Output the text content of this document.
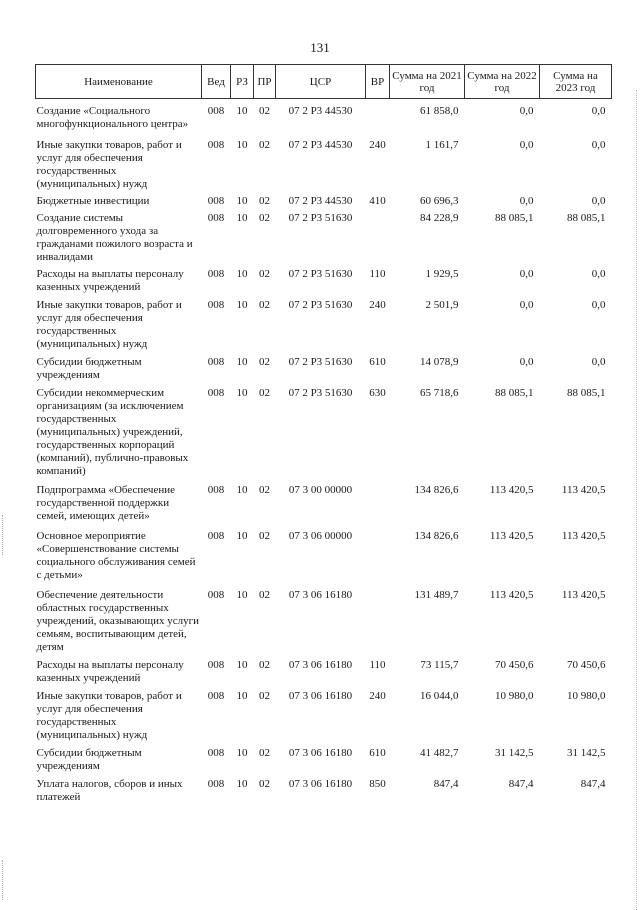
131
Наименование	Вед	РЗ	ПР	ЦСР	ВР	Сумма на 2021 год	Сумма на 2022 год	Сумма на 2023 год
Создание «Социального многофункционального центра»	008	10	02	07 2 P3 44530		61 858,0	0,0	0,0
Иные закупки товаров, работ и услуг для обеспечения государственных (муниципальных) нужд	008	10	02	07 2 P3 44530	240	1 161,7	0,0	0,0
Бюджетные инвестиции	008	10	02	07 2 P3 44530	410	60 696,3	0,0	0,0
Создание системы долговременного ухода за гражданами пожилого возраста и инвалидами	008	10	02	07 2 P3 51630		84 228,9	88 085,1	88 085,1
Расходы на выплаты персоналу казенных учреждений	008	10	02	07 2 P3 51630	110	1 929,5	0,0	0,0
Иные закупки товаров, работ и услуг для обеспечения государственных (муниципальных) нужд	008	10	02	07 2 P3 51630	240	2 501,9	0,0	0,0
Субсидии бюджетным учреждениям	008	10	02	07 2 P3 51630	610	14 078,9	0,0	0,0
Субсидии некоммерческим организациям (за исключением государственных (муниципальных) учреждений, государственных корпораций (компаний), публично-правовых компаний)	008	10	02	07 2 P3 51630	630	65 718,6	88 085,1	88 085,1
Подпрограмма «Обеспечение государственной поддержки семей, имеющих детей»	008	10	02	07 3 00 00000		134 826,6	113 420,5	113 420,5
Основное мероприятие «Совершенствование системы социального обслуживания семей с детьми»	008	10	02	07 3 06 00000		134 826,6	113 420,5	113 420,5
Обеспечение деятельности областных государственных учреждений, оказывающих услуги семьям, воспитывающим детей, детям	008	10	02	07 3 06 16180		131 489,7	113 420,5	113 420,5
Расходы на выплаты персоналу казенных учреждений	008	10	02	07 3 06 16180	110	73 115,7	70 450,6	70 450,6
Иные закупки товаров, работ и услуг для обеспечения государственных (муниципальных) нужд	008	10	02	07 3 06 16180	240	16 044,0	10 980,0	10 980,0
Субсидии бюджетным учреждениям	008	10	02	07 3 06 16180	610	41 482,7	31 142,5	31 142,5
Уплата налогов, сборов и иных платежей	008	10	02	07 3 06 16180	850	847,4	847,4	847,4
